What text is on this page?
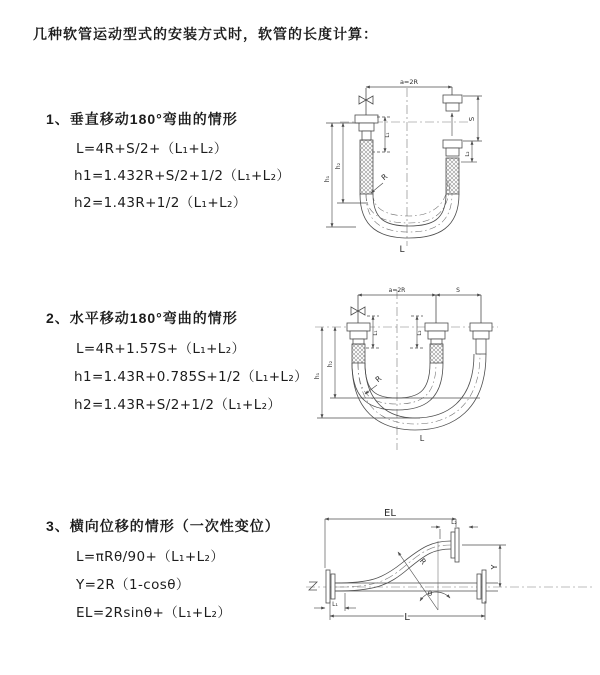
几种软管运动型式的安装方式时，软管的长度计算：
1、垂直移动180°弯曲的情形
L=4R+S/2+（L₁+L₂）
h1=1.432R+S/2+1/2（L₁+L₂）
h2=1.43R+1/2（L₁+L₂）
2、水平移动180°弯曲的情形
L=4R+1.57S+（L₁+L₂）
h1=1.43R+0.785S+1/2（L₁+L₂）
h2=1.43R+S/2+1/2（L₁+L₂）
3、横向位移的情形（一次性变位）
L=πRθ/90+（L₁+L₂）
Y=2R（1-cosθ）
EL=2Rsinθ+（L₁+L₂）
a=2R
S
L₂
h₂
h₁
L₁
R
L
a=2R	S
h₂
h₁
L₁	L₂
R
L
EL
L₂
Y
R
θ
L
L₁
